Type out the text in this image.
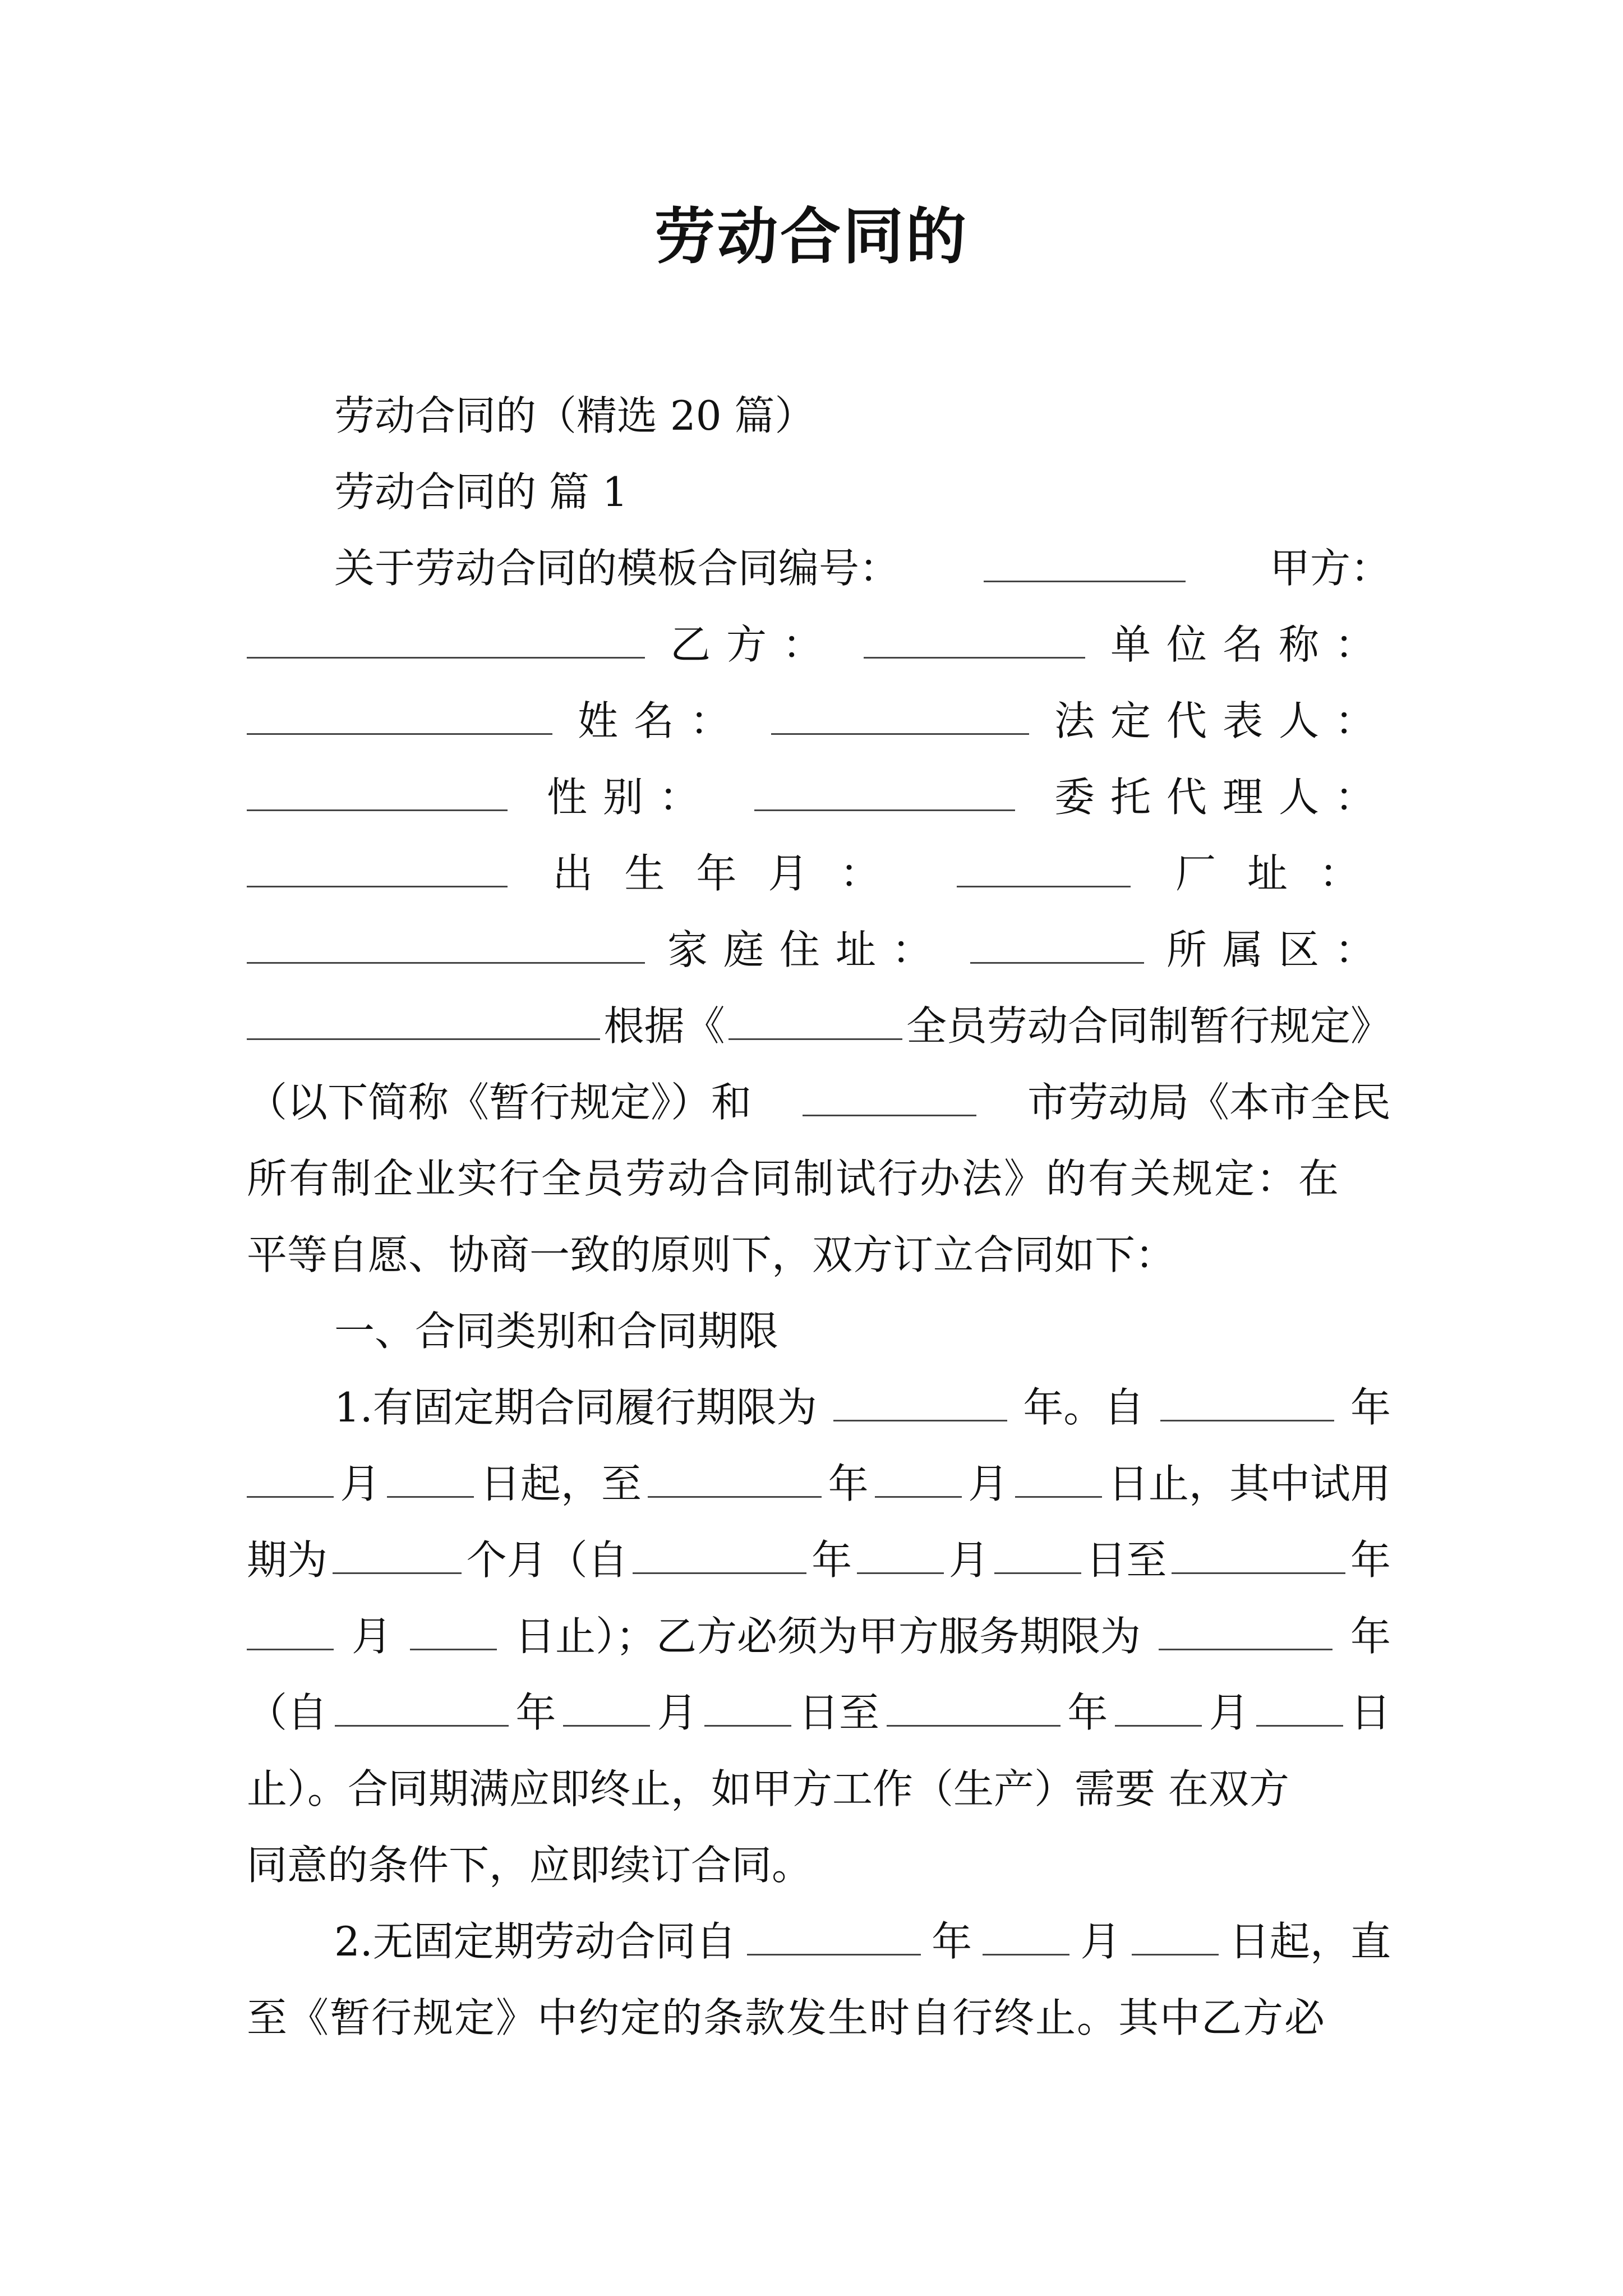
劳动合同的
劳动合同的（精选 20 篇）
劳动合同的 篇 1
关于劳动合同的模板合同编号：	甲方：
乙方：	单位名称：
姓名：	法定代表人：
性别：	委托代理人：
出生年月：	厂址：
家庭住址：	所属区：
根据《	全员劳动合同制暂行规定》
（以下简称《暂行规定》）和	市劳动局《本市全民
所有制企业实行全员劳动合同制试行办法》的有关规定：在
平等自愿、协商一致的原则下，双方订立合同如下：
一、合同类别和合同期限
1.有固定期合同履行期限为	年。自	年
月 日起，至	年 月 日止，其中试用
期为	个月（自	年 月 日至	年
月	日止）；乙方必须为甲方服务期限为	年
（自	年	月	日至	年	月	日
止）。合同期满应即终止，如甲方工作（生产）需要 在双方
同意的条件下，应即续订合同。
2.无固定期劳动合同自	年	月	日起，直
至《暂行规定》中约定的条款发生时自行终止。其中乙方必
